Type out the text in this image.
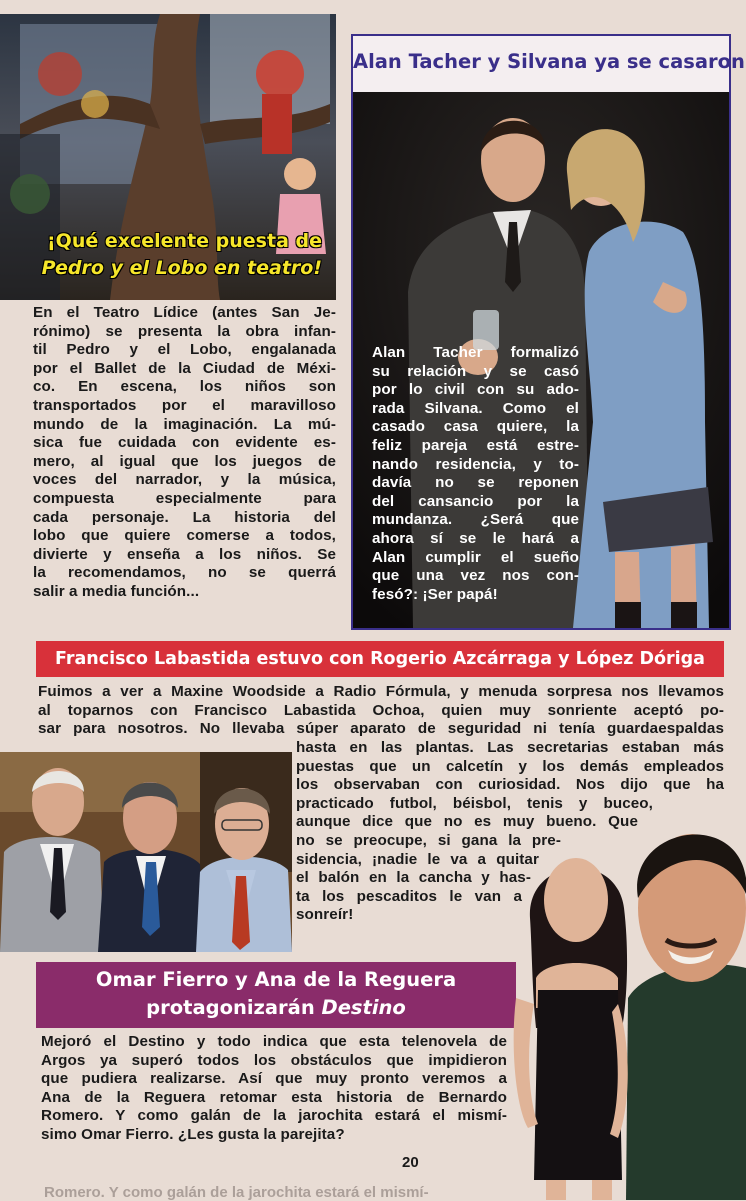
¡Qué excelente puesta de
Pedro y el Lobo en teatro!
En el Teatro Lídice (antes San Je-
rónimo) se presenta la obra infan-
til Pedro y el Lobo, engalanada
por el Ballet de la Ciudad de Méxi-
co. En escena, los niños son
transportados por el maravilloso
mundo de la imaginación. La mú-
sica fue cuidada con evidente es-
mero, al igual que los juegos de
voces del narrador, y la música,
compuesta especialmente para
cada personaje. La historia del
lobo que quiere comerse a todos,
divierte y enseña a los niños. Se
la recomendamos, no se querrá
salir a media función...
Alan Tacher y Silvana ya se casaron
Alan Tacher formalizó
su relación y se casó
por lo civil con su ado-
rada Silvana. Como el
casado casa quiere, la
feliz pareja está estre-
nando residencia, y to-
davía no se reponen
del cansancio por la
mundanza. ¿Será que
ahora sí se le hará a
Alan cumplir el sueño
que una vez nos con-
fesó?: ¡Ser papá!
Francisco Labastida estuvo con Rogerio Azcárraga y López Dóriga
Fuimos a ver a Maxine Woodside a Radio Fórmula, y menuda sorpresa nos llevamos
al toparnos con Francisco Labastida Ochoa, quien muy sonriente aceptó po-
sar para nosotros. No llevaba súper aparato de seguridad ni tenía guardaespaldas
hasta en las plantas. Las secretarias estaban más
puestas que un calcetín y los demás empleados
los observaban con curiosidad. Nos dijo que ha
practicado futbol, béisbol, tenis y buceo,
aunque dice que no es muy bueno. Que
no se preocupe, si gana la pre-
sidencia, ¡nadie le va a quitar
el balón en la cancha y has-
ta los pescaditos le van a
sonreír!
Omar Fierro y Ana de la Reguera
protagonizarán Destino
Mejoró el Destino y todo indica que esta telenovela de
Argos ya superó todos los obstáculos que impidieron
que pudiera realizarse. Así que muy pronto veremos a
Ana de la Reguera retomar esta historia de Bernardo
Romero. Y como galán de la jarochita estará el mismí-
simo Omar Fierro. ¿Les gusta la parejita?
20
Romero. Y como galán de la jarochita estará el mismí-
